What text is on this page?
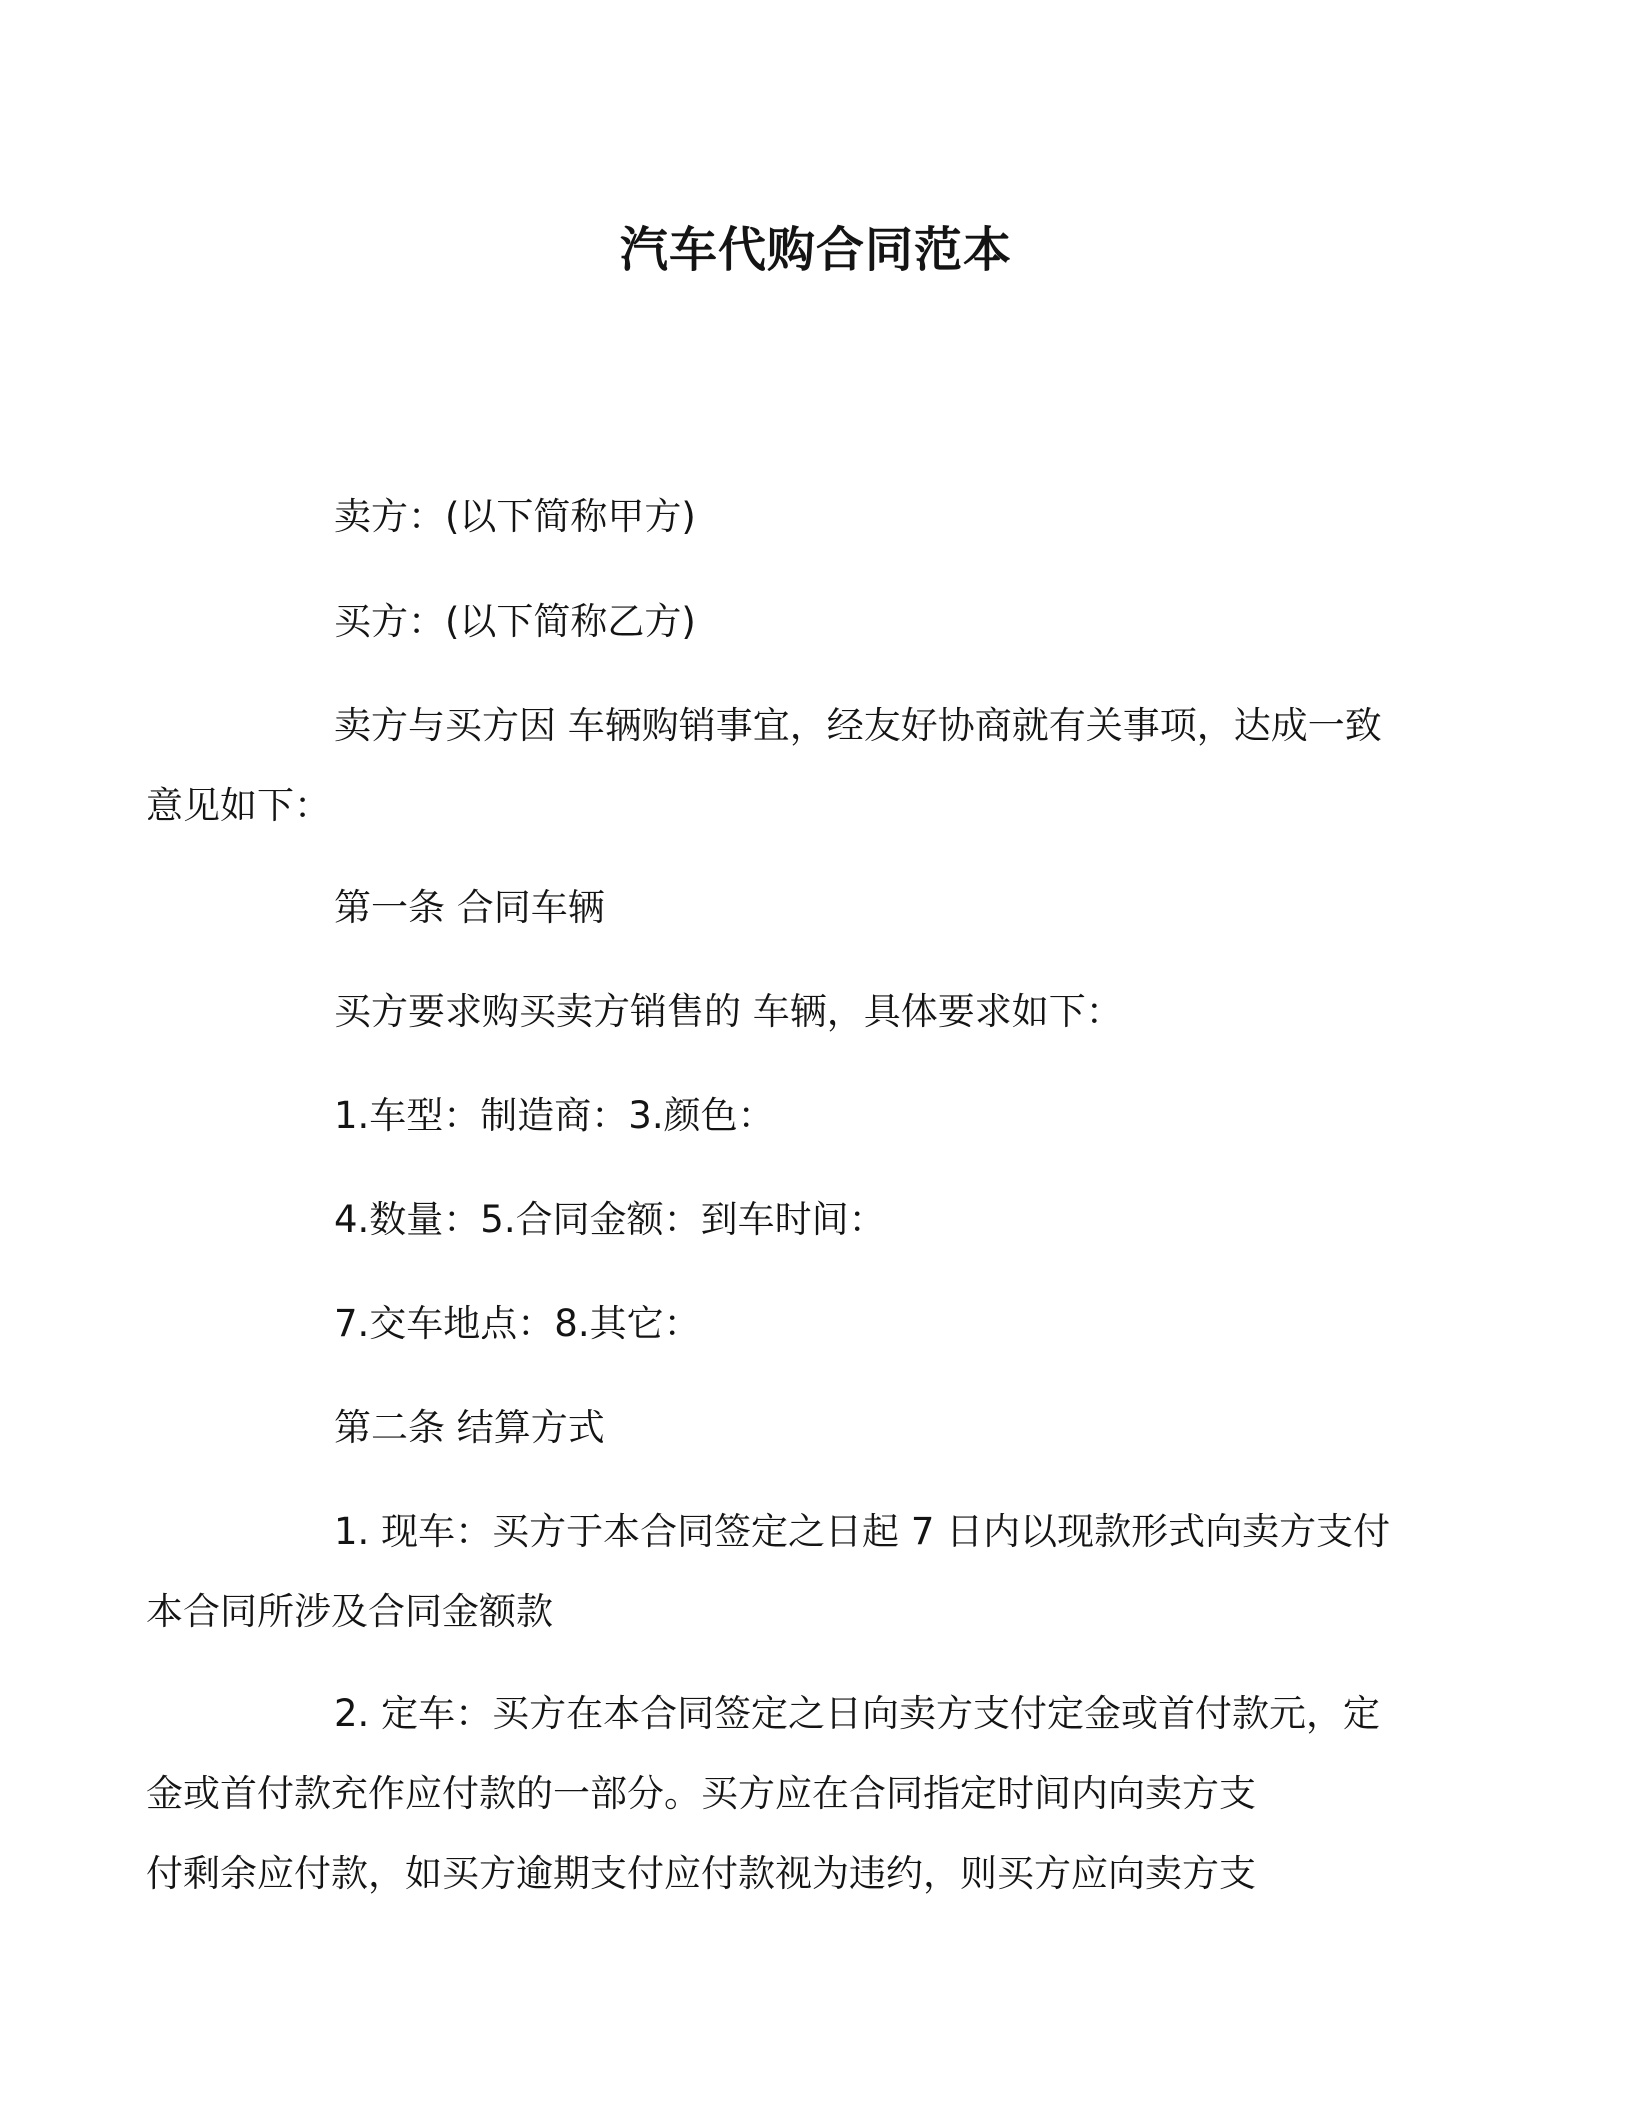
汽车代购合同范本
卖方：(以下简称甲方)
买方：(以下简称乙方)
卖方与买方因 车辆购销事宜，经友好协商就有关事项，达成一致
意见如下：
第一条 合同车辆
买方要求购买卖方销售的 车辆，具体要求如下：
1.车型：制造商：3.颜色：
4.数量：5.合同金额：到车时间：
7.交车地点：8.其它：
第二条 结算方式
1. 现车：买方于本合同签定之日起 7 日内以现款形式向卖方支付
本合同所涉及合同金额款
2. 定车：买方在本合同签定之日向卖方支付定金或首付款元，定
金或首付款充作应付款的一部分。买方应在合同指定时间内向卖方支
付剩余应付款，如买方逾期支付应付款视为违约，则买方应向卖方支
